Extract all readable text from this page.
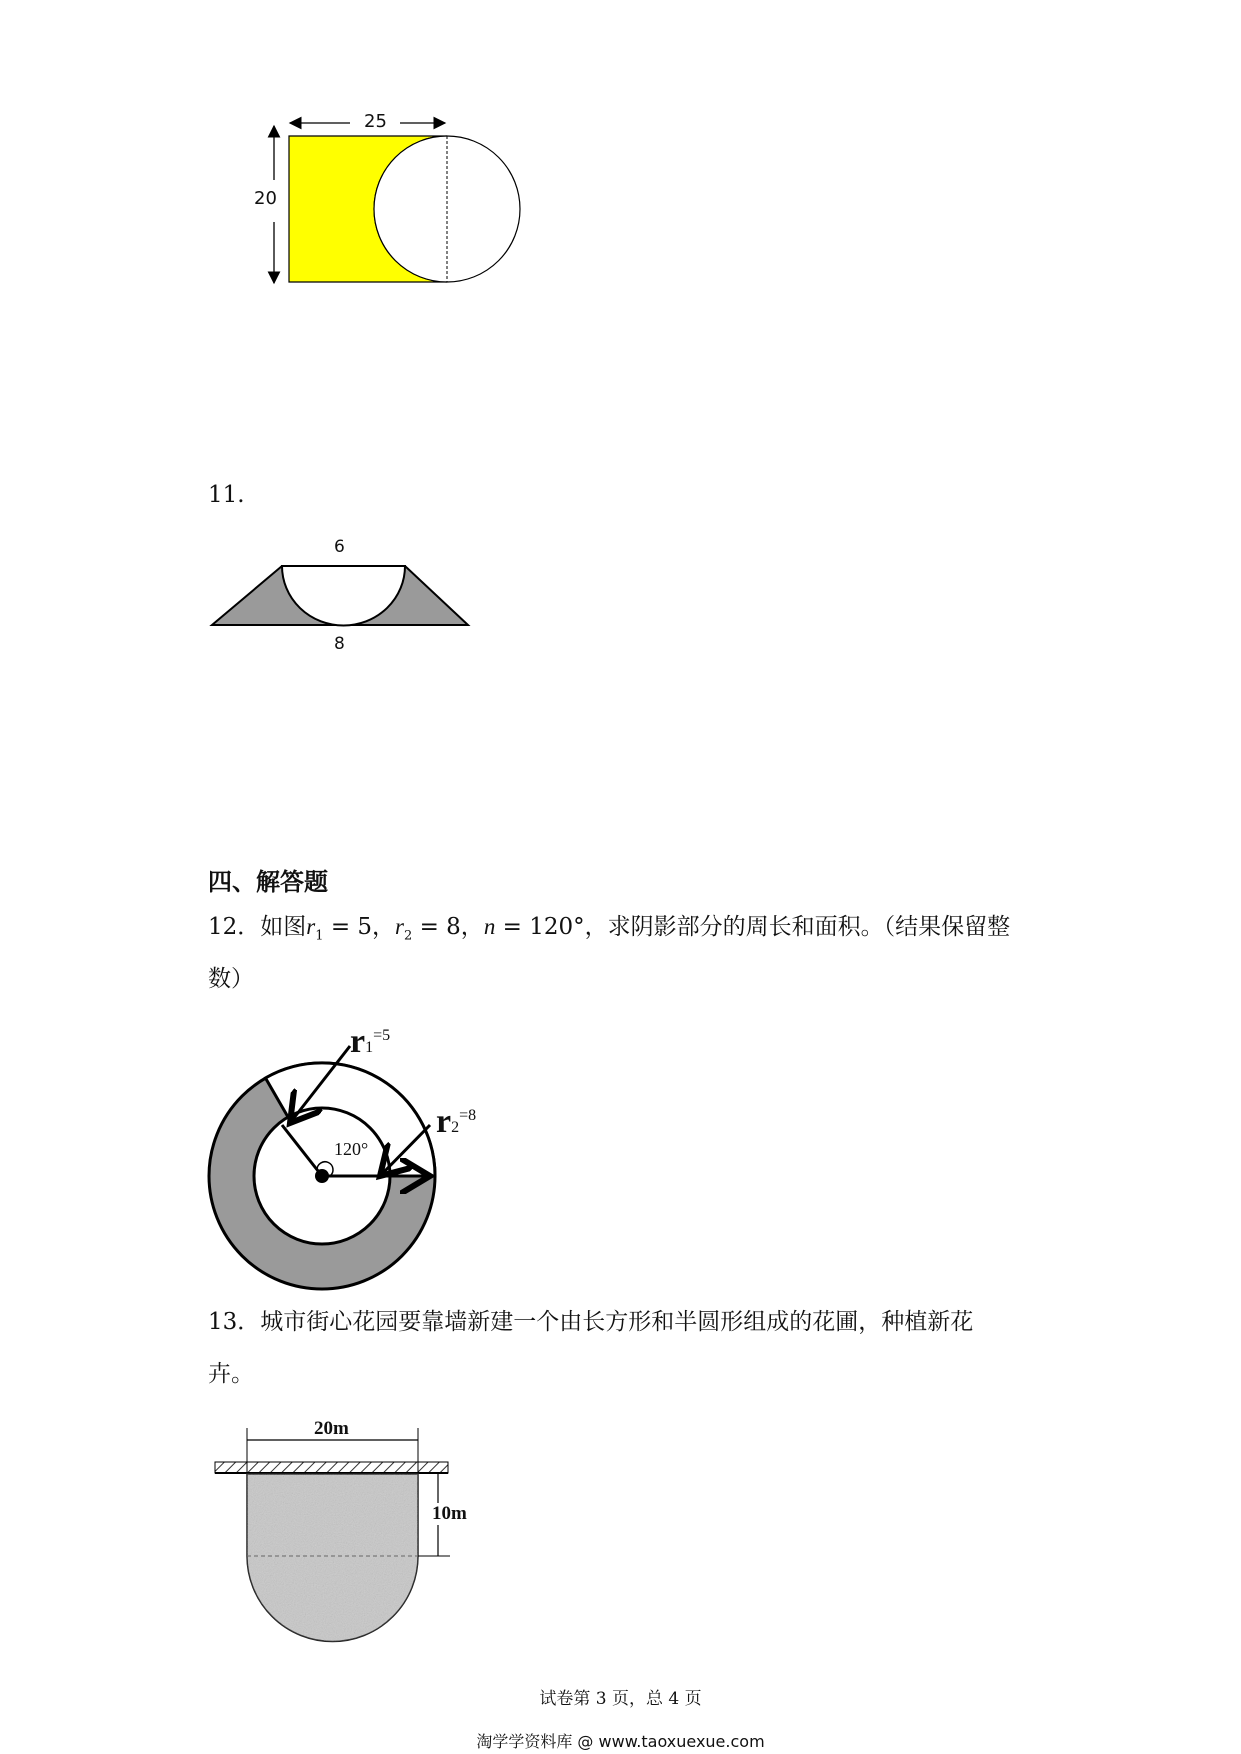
25
20
11.
6
8
四、解答题
12．如图$r_1 = 5$，$r_2 = 8$，n = 120°，求阴影部分的周长和面积。（结果保留整
数）
r1=5
r2=8
120°
13．城市街心花园要靠墙新建一个由长方形和半圆形组成的花圃，种植新花
卉。
20m
10m
试卷第 3 页，总 4 页
淘学学资料库 @ www.taoxuexue.com
